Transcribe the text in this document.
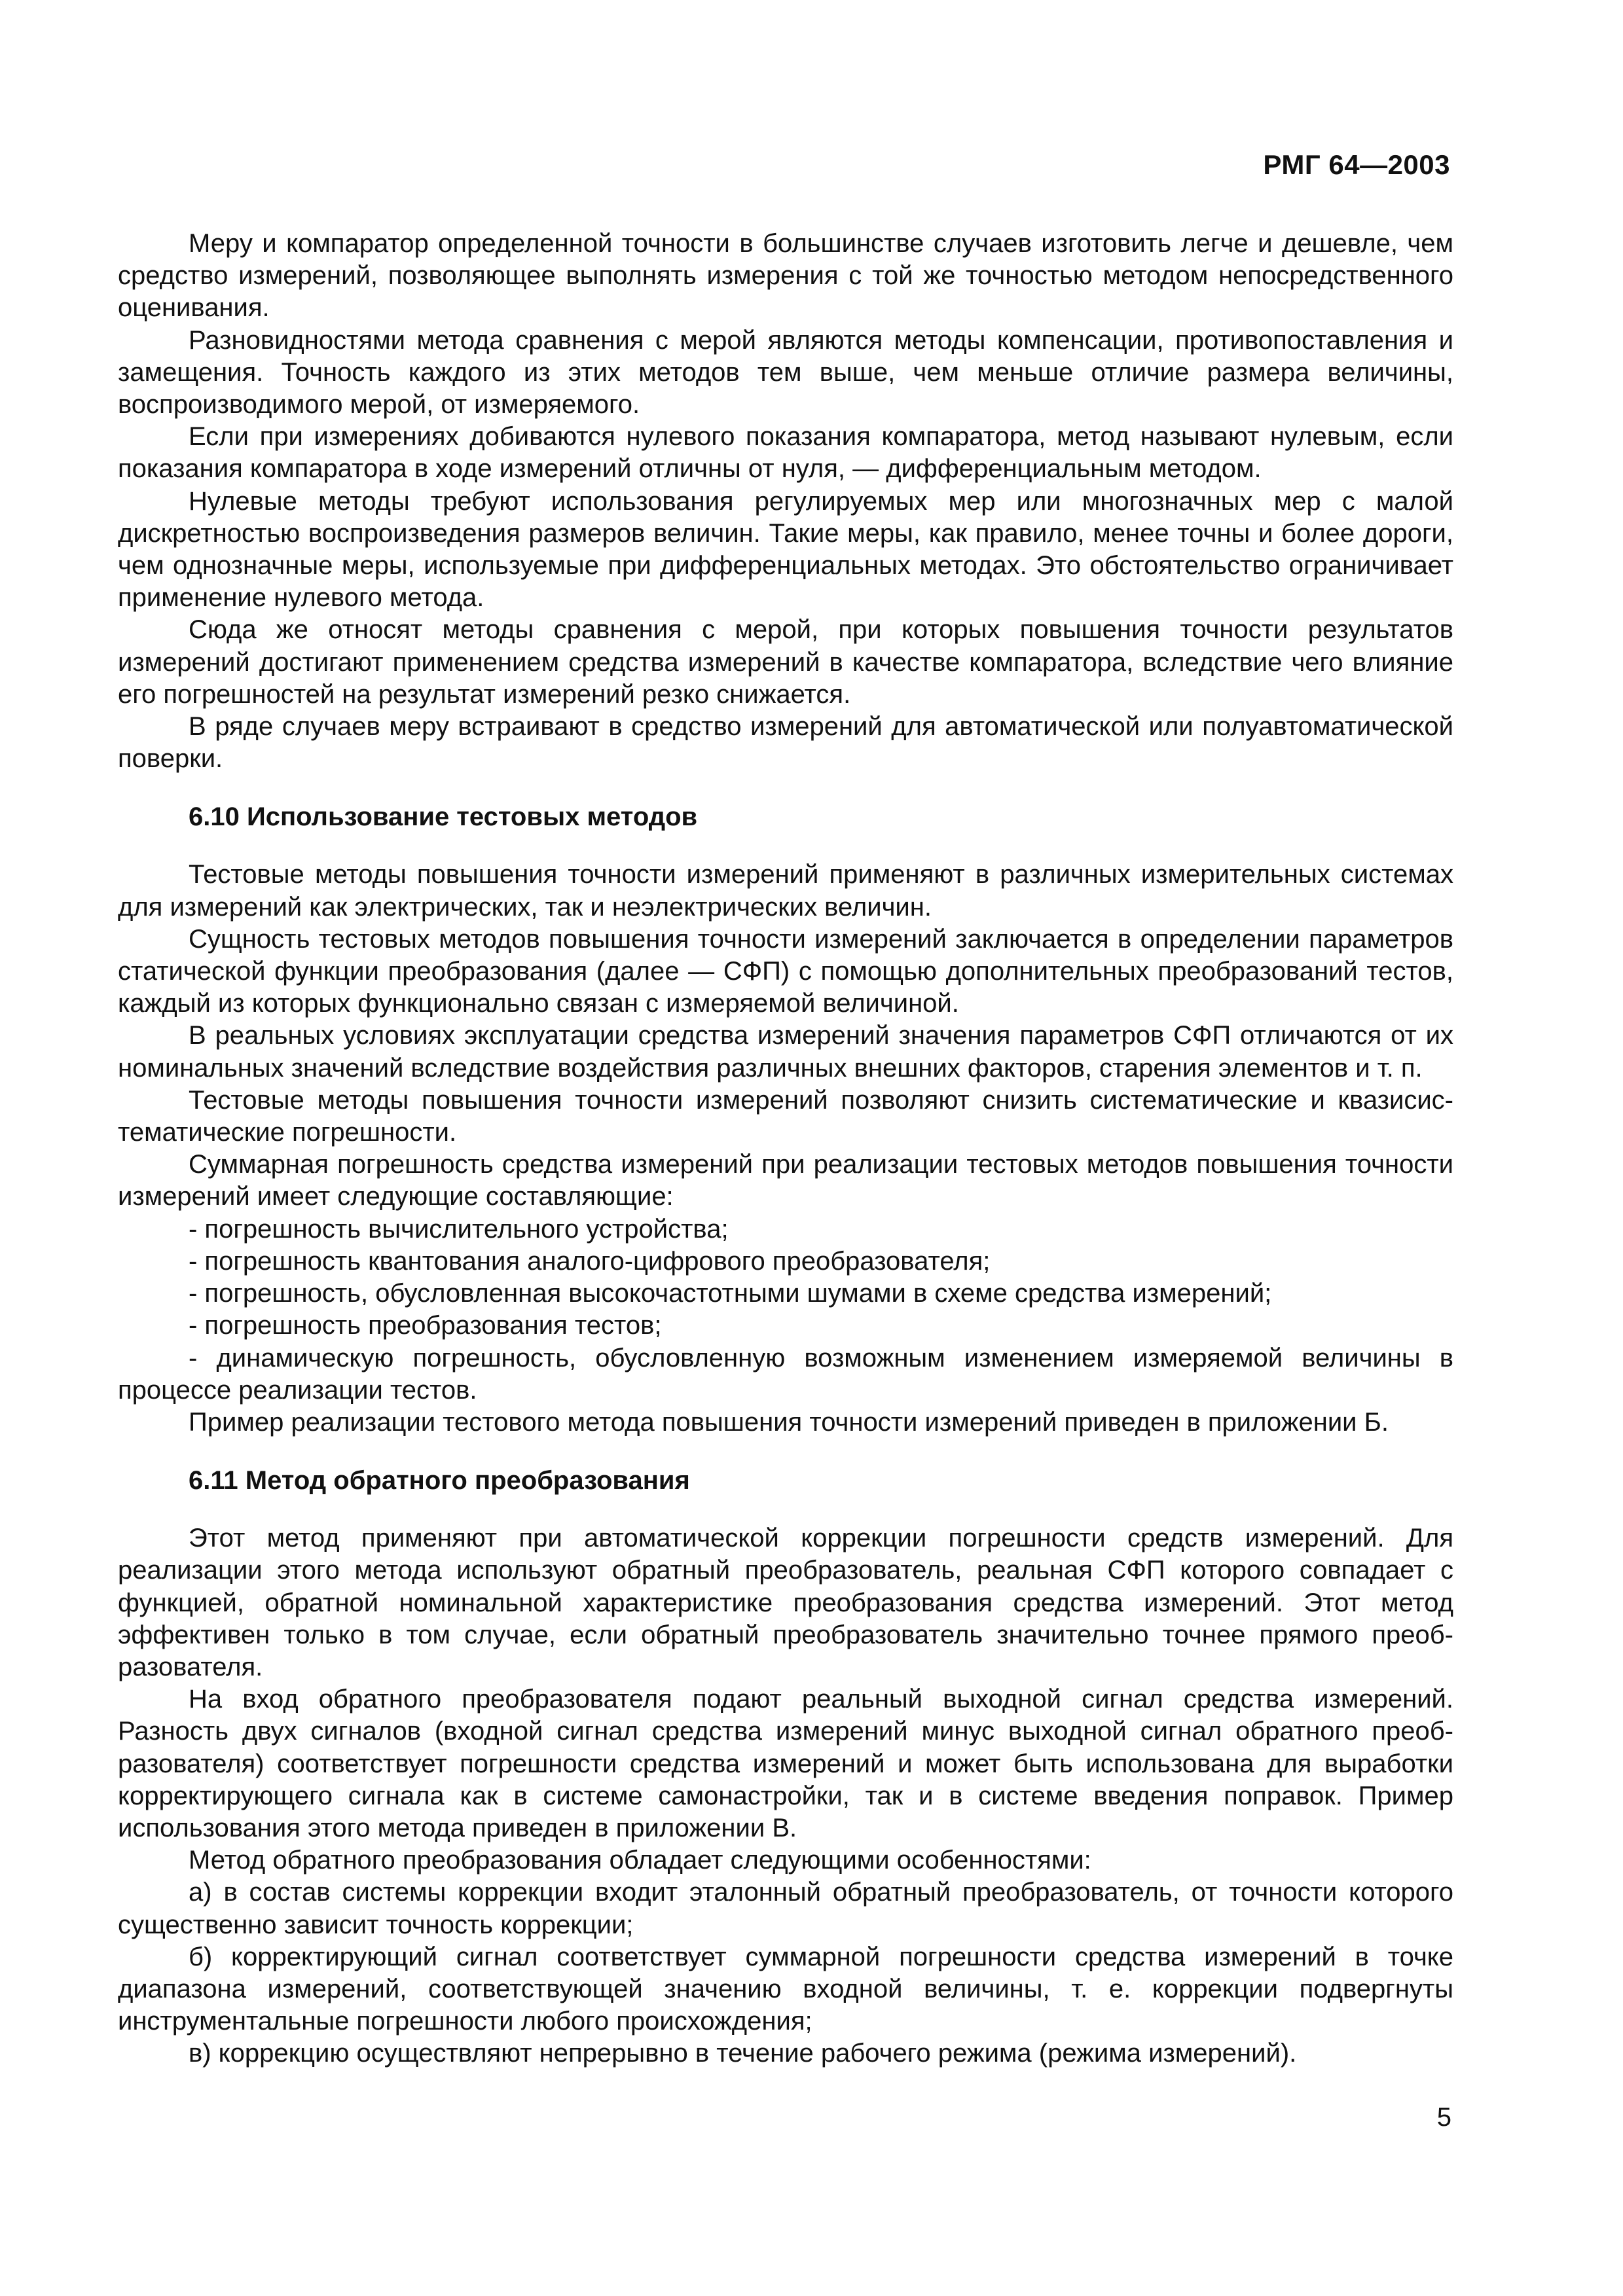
РМГ 64—2003

Меру и компаратор определенной точности в большинстве случаев изготовить легче и дешевле, чем средство измерений, позволяющее выполнять измерения с той же точностью методом непосредственного оценивания.

Разновидностями метода сравнения с мерой являются методы компенсации, противопоставления и замещения. Точность каждого из этих методов тем выше, чем меньше отличие размера величины, воспроизводимого мерой, от измеряемого.

Если при измерениях добиваются нулевого показания компаратора, метод называют нулевым, если показания компаратора в ходе измерений отличны от нуля, — дифференциальным методом.

Нулевые методы требуют использования регулируемых мер или многозначных мер с малой дискретностью воспроизведения размеров величин. Такие меры, как правило, менее точны и более дороги, чем однозначные меры, используемые при дифференциальных методах. Это обстоятельство ограничивает применение нулевого метода.

Сюда же относят методы сравнения с мерой, при которых повышения точности результатов измерений достигают применением средства измерений в качестве компаратора, вследствие чего влияние его погрешностей на результат измерений резко снижается.

В ряде случаев меру встраивают в средство измерений для автоматической или полуавтоматической поверки.

6.10 Использование тестовых методов

Тестовые методы повышения точности измерений применяют в различных измерительных системах для измерений как электрических, так и неэлектрических величин.

Сущность тестовых методов повышения точности измерений заключается в определении параметров статической функции преобразования (далее — СФП) с помощью дополнительных преобразований тестов, каждый из которых функционально связан с измеряемой величиной.

В реальных условиях эксплуатации средства измерений значения параметров СФП отличаются от их номинальных значений вследствие воздействия различных внешних факторов, старения элементов и т. п.

Тестовые методы повышения точности измерений позволяют снизить систематические и квазисистематические погрешности.

Суммарная погрешность средства измерений при реализации тестовых методов повышения точности измерений имеет следующие составляющие:

- погрешность вычислительного устройства;

- погрешность квантования аналого-цифрового преобразователя;

- погрешность, обусловленная высокочастотными шумами в схеме средства измерений;

- погрешность преобразования тестов;

- динамическую погрешность, обусловленную возможным изменением измеряемой величины в процессе реализации тестов.

Пример реализации тестового метода повышения точности измерений приведен в приложении Б.

6.11 Метод обратного преобразования

Этот метод применяют при автоматической коррекции погрешности средств измерений. Для реализации этого метода используют обратный преобразователь, реальная СФП которого совпадает с функцией, обратной номинальной характеристике преобразования средства измерений. Этот метод эффективен только в том случае, если обратный преобразователь значительно точнее прямого преобразователя.

На вход обратного преобразователя подают реальный выходной сигнал средства измерений. Разность двух сигналов (входной сигнал средства измерений минус выходной сигнал обратного преобразователя) соответствует погрешности средства измерений и может быть использована для выработки корректирующего сигнала как в системе самонастройки, так и в системе введения поправок. Пример использования этого метода приведен в приложении В.

Метод обратного преобразования обладает следующими особенностями:

а) в состав системы коррекции входит эталонный обратный преобразователь, от точности которого существенно зависит точность коррекции;

б) корректирующий сигнал соответствует суммарной погрешности средства измерений в точке диапазона измерений, соответствующей значению входной величины, т. е. коррекции подвергнуты инструментальные погрешности любого происхождения;

в) коррекцию осуществляют непрерывно в течение рабочего режима (режима измерений).

5
